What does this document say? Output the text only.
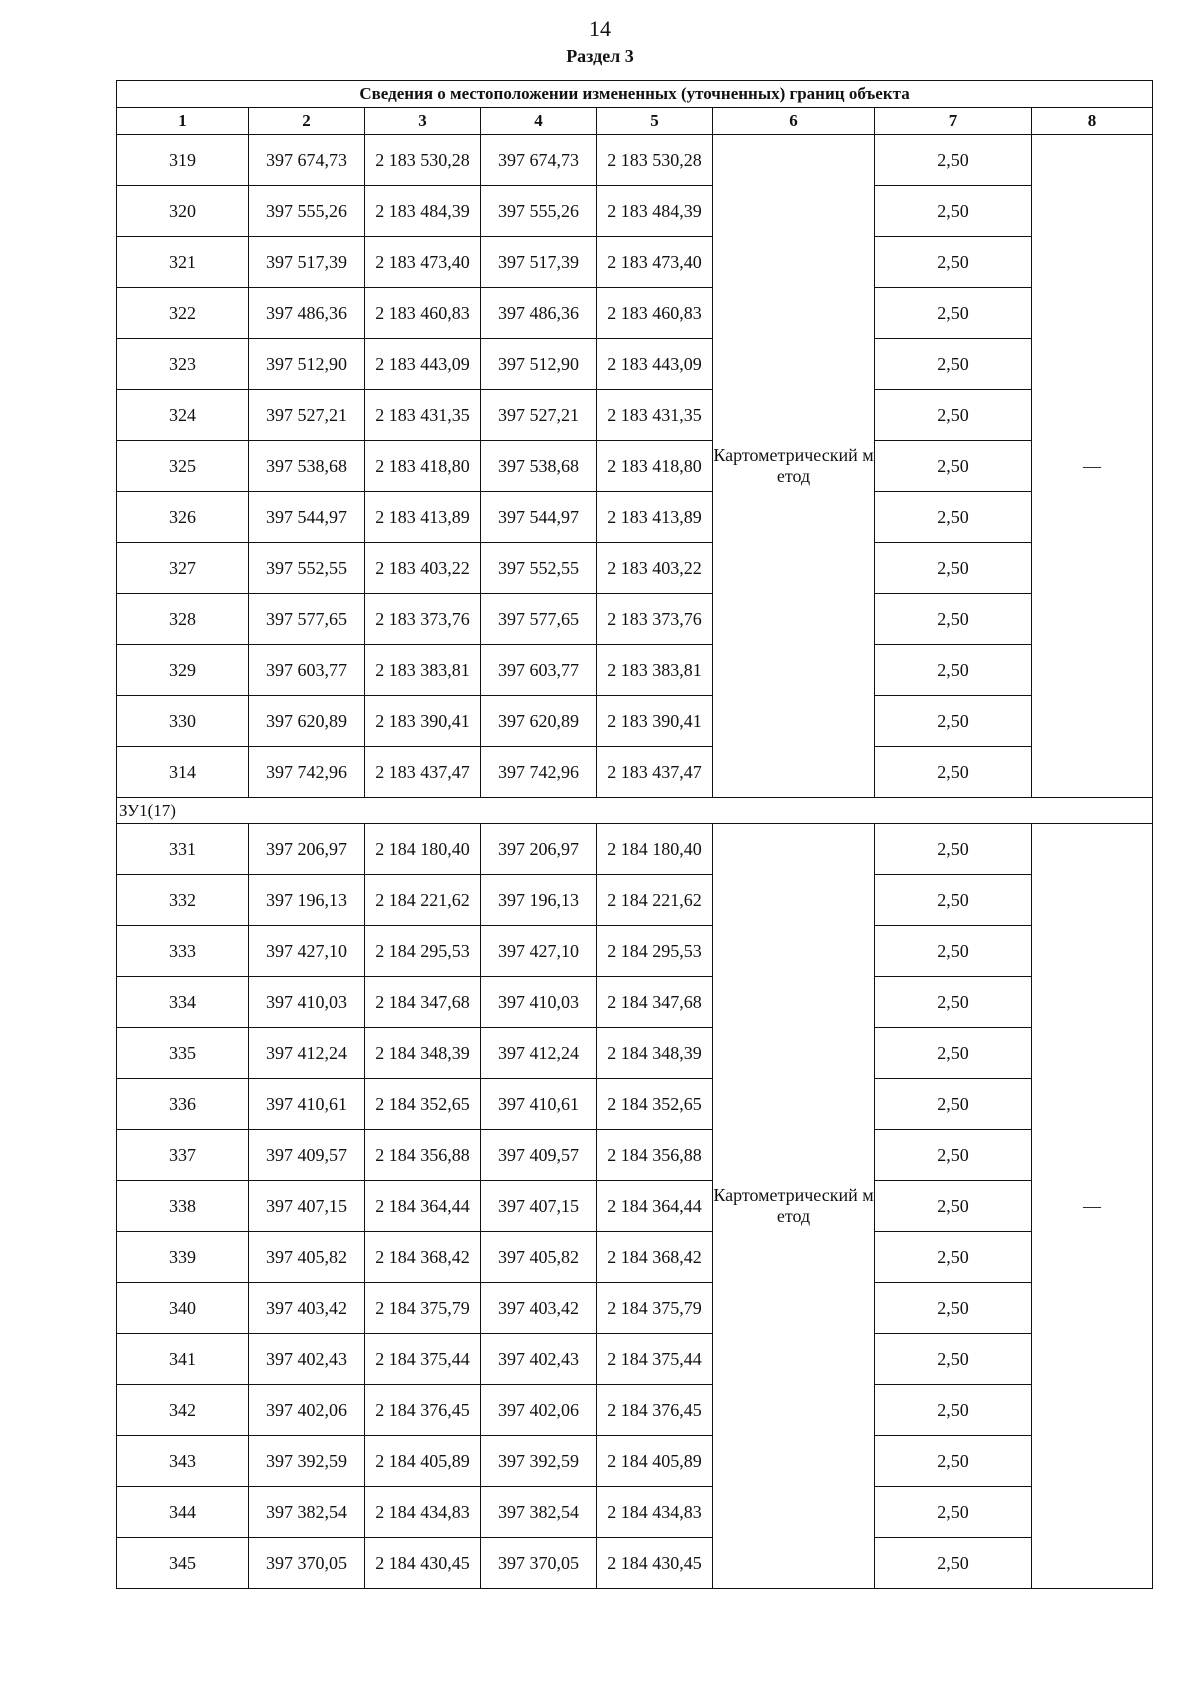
14
Раздел 3
Сведения о местоположении измененных (уточненных) границ объекта							
1	2	3	4	5	6	7	8
319	397 674,73	2 183 530,28	397 674,73	2 183 530,28	Картометрический метод	2,50	—
320	397 555,26	2 183 484,39	397 555,26	2 183 484,39		2,50	
321	397 517,39	2 183 473,40	397 517,39	2 183 473,40		2,50	
322	397 486,36	2 183 460,83	397 486,36	2 183 460,83		2,50	
323	397 512,90	2 183 443,09	397 512,90	2 183 443,09		2,50	
324	397 527,21	2 183 431,35	397 527,21	2 183 431,35		2,50	
325	397 538,68	2 183 418,80	397 538,68	2 183 418,80		2,50	
326	397 544,97	2 183 413,89	397 544,97	2 183 413,89		2,50	
327	397 552,55	2 183 403,22	397 552,55	2 183 403,22		2,50	
328	397 577,65	2 183 373,76	397 577,65	2 183 373,76		2,50	
329	397 603,77	2 183 383,81	397 603,77	2 183 383,81		2,50	
330	397 620,89	2 183 390,41	397 620,89	2 183 390,41		2,50	
314	397 742,96	2 183 437,47	397 742,96	2 183 437,47		2,50	
ЗУ1(17)							
331	397 206,97	2 184 180,40	397 206,97	2 184 180,40	Картометрический метод	2,50	—
332	397 196,13	2 184 221,62	397 196,13	2 184 221,62		2,50	
333	397 427,10	2 184 295,53	397 427,10	2 184 295,53		2,50	
334	397 410,03	2 184 347,68	397 410,03	2 184 347,68		2,50	
335	397 412,24	2 184 348,39	397 412,24	2 184 348,39		2,50	
336	397 410,61	2 184 352,65	397 410,61	2 184 352,65		2,50	
337	397 409,57	2 184 356,88	397 409,57	2 184 356,88		2,50	
338	397 407,15	2 184 364,44	397 407,15	2 184 364,44		2,50	
339	397 405,82	2 184 368,42	397 405,82	2 184 368,42		2,50	
340	397 403,42	2 184 375,79	397 403,42	2 184 375,79		2,50	
341	397 402,43	2 184 375,44	397 402,43	2 184 375,44		2,50	
342	397 402,06	2 184 376,45	397 402,06	2 184 376,45		2,50	
343	397 392,59	2 184 405,89	397 392,59	2 184 405,89		2,50	
344	397 382,54	2 184 434,83	397 382,54	2 184 434,83		2,50	
345	397 370,05	2 184 430,45	397 370,05	2 184 430,45		2,50	
